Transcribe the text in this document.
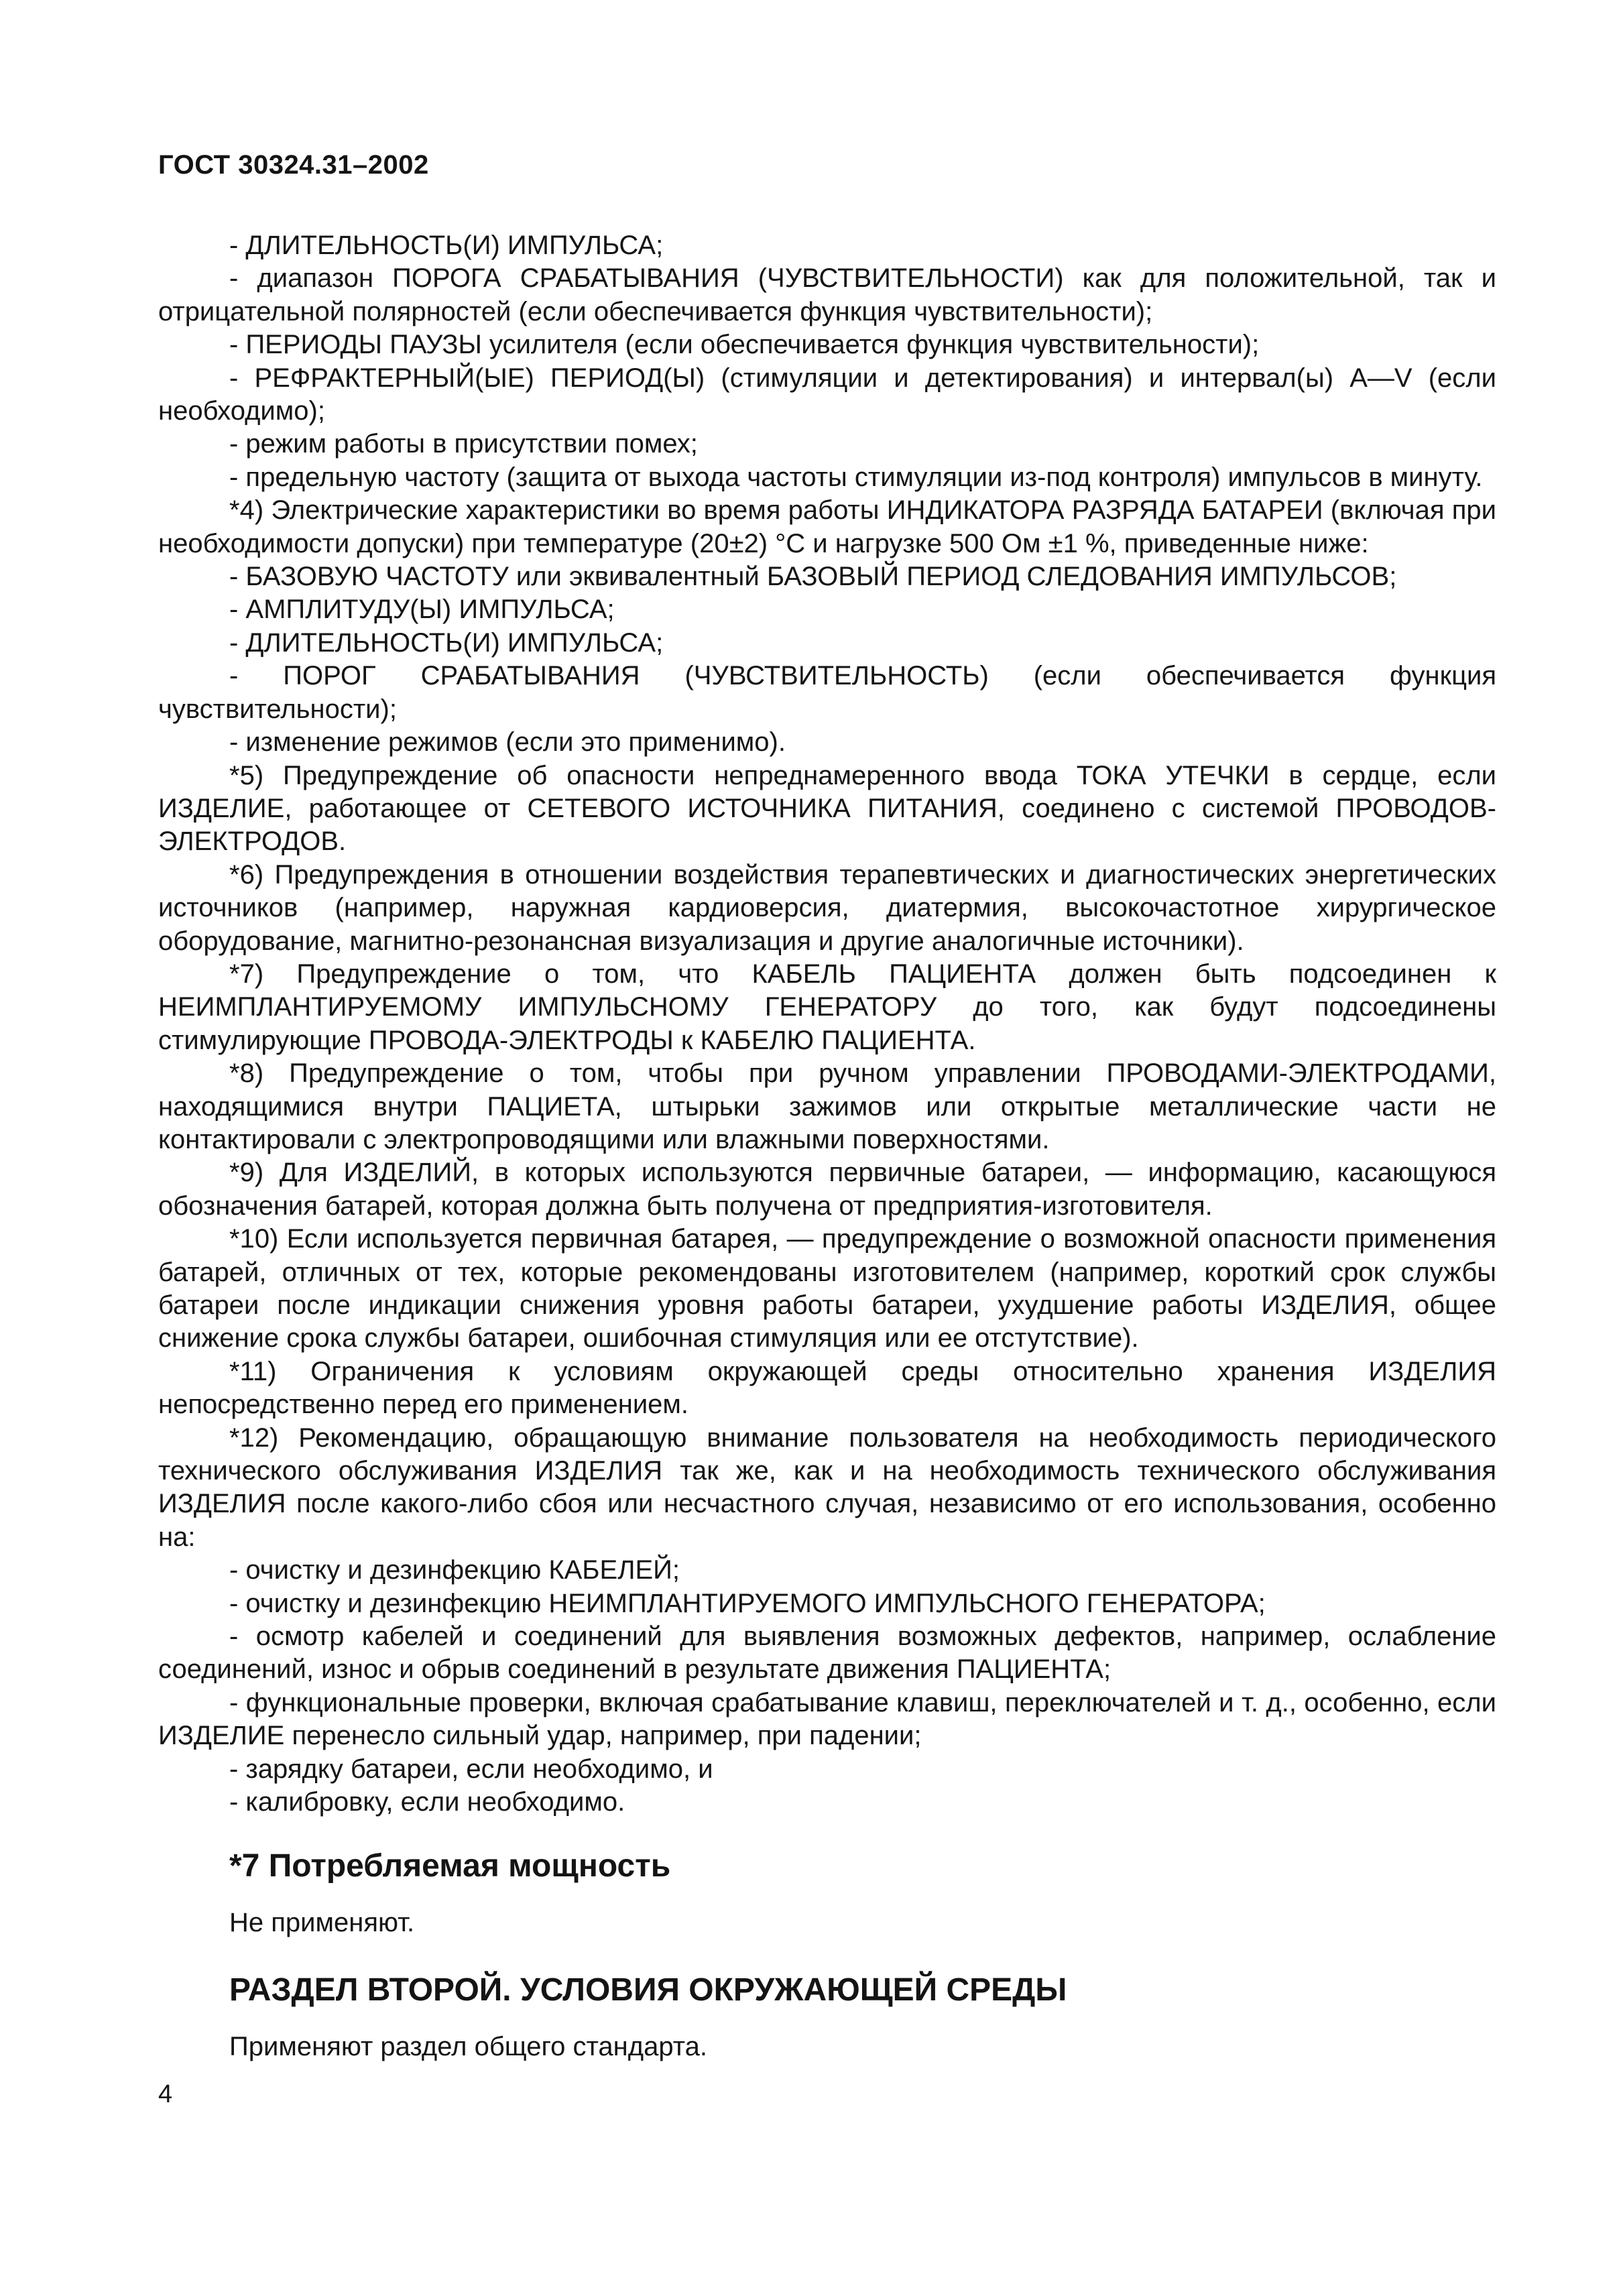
ГОСТ 30324.31–2002

- ДЛИТЕЛЬНОСТЬ(И) ИМПУЛЬСА;

- диапазон ПОРОГА СРАБАТЫВАНИЯ (ЧУВСТВИТЕЛЬНОСТИ) как для положительной, так и отрицательной полярностей (если обеспечивается функция чувствительности);

- ПЕРИОДЫ ПАУЗЫ усилителя (если обеспечивается функция чувствительности);

- РЕФРАКТЕРНЫЙ(ЫЕ) ПЕРИОД(Ы) (стимуляции и детектирования) и интервал(ы) A—V (если необходимо);

- режим работы в присутствии помех;

- предельную частоту (защита от выхода частоты стимуляции из-под контроля) импульсов в минуту.

*4) Электрические характеристики во время работы ИНДИКАТОРА РАЗРЯДА БАТАРЕИ (включая при необходимости допуски) при температуре (20±2) °С и нагрузке 500 Ом ±1 %, приведенные ниже:

- БАЗОВУЮ ЧАСТОТУ или эквивалентный БАЗОВЫЙ ПЕРИОД СЛЕДОВАНИЯ ИМПУЛЬСОВ;

- АМПЛИТУДУ(Ы) ИМПУЛЬСА;

- ДЛИТЕЛЬНОСТЬ(И) ИМПУЛЬСА;

- ПОРОГ СРАБАТЫВАНИЯ (ЧУВСТВИТЕЛЬНОСТЬ) (если обеспечивается функция чувствительности);

- изменение режимов (если это применимо).

*5) Предупреждение об опасности непреднамеренного ввода ТОКА УТЕЧКИ в сердце, если ИЗДЕЛИЕ, работающее от СЕТЕВОГО ИСТОЧНИКА ПИТАНИЯ, соединено с системой ПРОВОДОВ-ЭЛЕКТРОДОВ.

*6) Предупреждения в отношении воздействия терапевтических и диагностических энергетических источников (например, наружная кардиоверсия, диатермия, высокочастотное хирургическое оборудование, магнитно-резонансная визуализация и другие аналогичные источники).

*7) Предупреждение о том, что КАБЕЛЬ ПАЦИЕНТА должен быть подсоединен к НЕИМПЛАНТИРУЕМОМУ ИМПУЛЬСНОМУ ГЕНЕРАТОРУ до того, как будут подсоединены стимулирующие ПРОВОДА-ЭЛЕКТРОДЫ к КАБЕЛЮ ПАЦИЕНТА.

*8) Предупреждение о том, чтобы при ручном управлении ПРОВОДАМИ-ЭЛЕКТРОДАМИ, находящимися внутри ПАЦИЕТА, штырьки зажимов или открытые металлические части не контактировали с электропроводящими или влажными поверхностями.

*9) Для ИЗДЕЛИЙ, в которых используются первичные батареи, — информацию, касающуюся обозначения батарей, которая должна быть получена от предприятия-изготовителя.

*10) Если используется первичная батарея, — предупреждение о возможной опасности применения батарей, отличных от тех, которые рекомендованы изготовителем (например, короткий срок службы батареи после индикации снижения уровня работы батареи, ухудшение работы ИЗДЕЛИЯ, общее снижение срока службы батареи, ошибочная стимуляция или ее отстутствие).

*11) Ограничения к условиям окружающей среды относительно хранения ИЗДЕЛИЯ непосредственно перед его применением.

*12) Рекомендацию, обращающую внимание пользователя на необходимость периодического технического обслуживания ИЗДЕЛИЯ так же, как и на необходимость технического обслуживания ИЗДЕЛИЯ после какого-либо сбоя или несчастного случая, независимо от его использования, особенно на:

- очистку и дезинфекцию КАБЕЛЕЙ;

- очистку и дезинфекцию НЕИМПЛАНТИРУЕМОГО ИМПУЛЬСНОГО ГЕНЕРАТОРА;

- осмотр кабелей и соединений для выявления возможных дефектов, например, ослабление соединений, износ и обрыв соединений в результате движения ПАЦИЕНТА;

- функциональные проверки, включая срабатывание клавиш, переключателей и т. д., особенно, если ИЗДЕЛИЕ перенесло сильный удар, например, при падении;

- зарядку батареи, если необходимо, и

- калибровку, если необходимо.

*7 Потребляемая мощность

Не применяют.

РАЗДЕЛ ВТОРОЙ. УСЛОВИЯ ОКРУЖАЮЩЕЙ СРЕДЫ

Применяют раздел общего стандарта.

4
